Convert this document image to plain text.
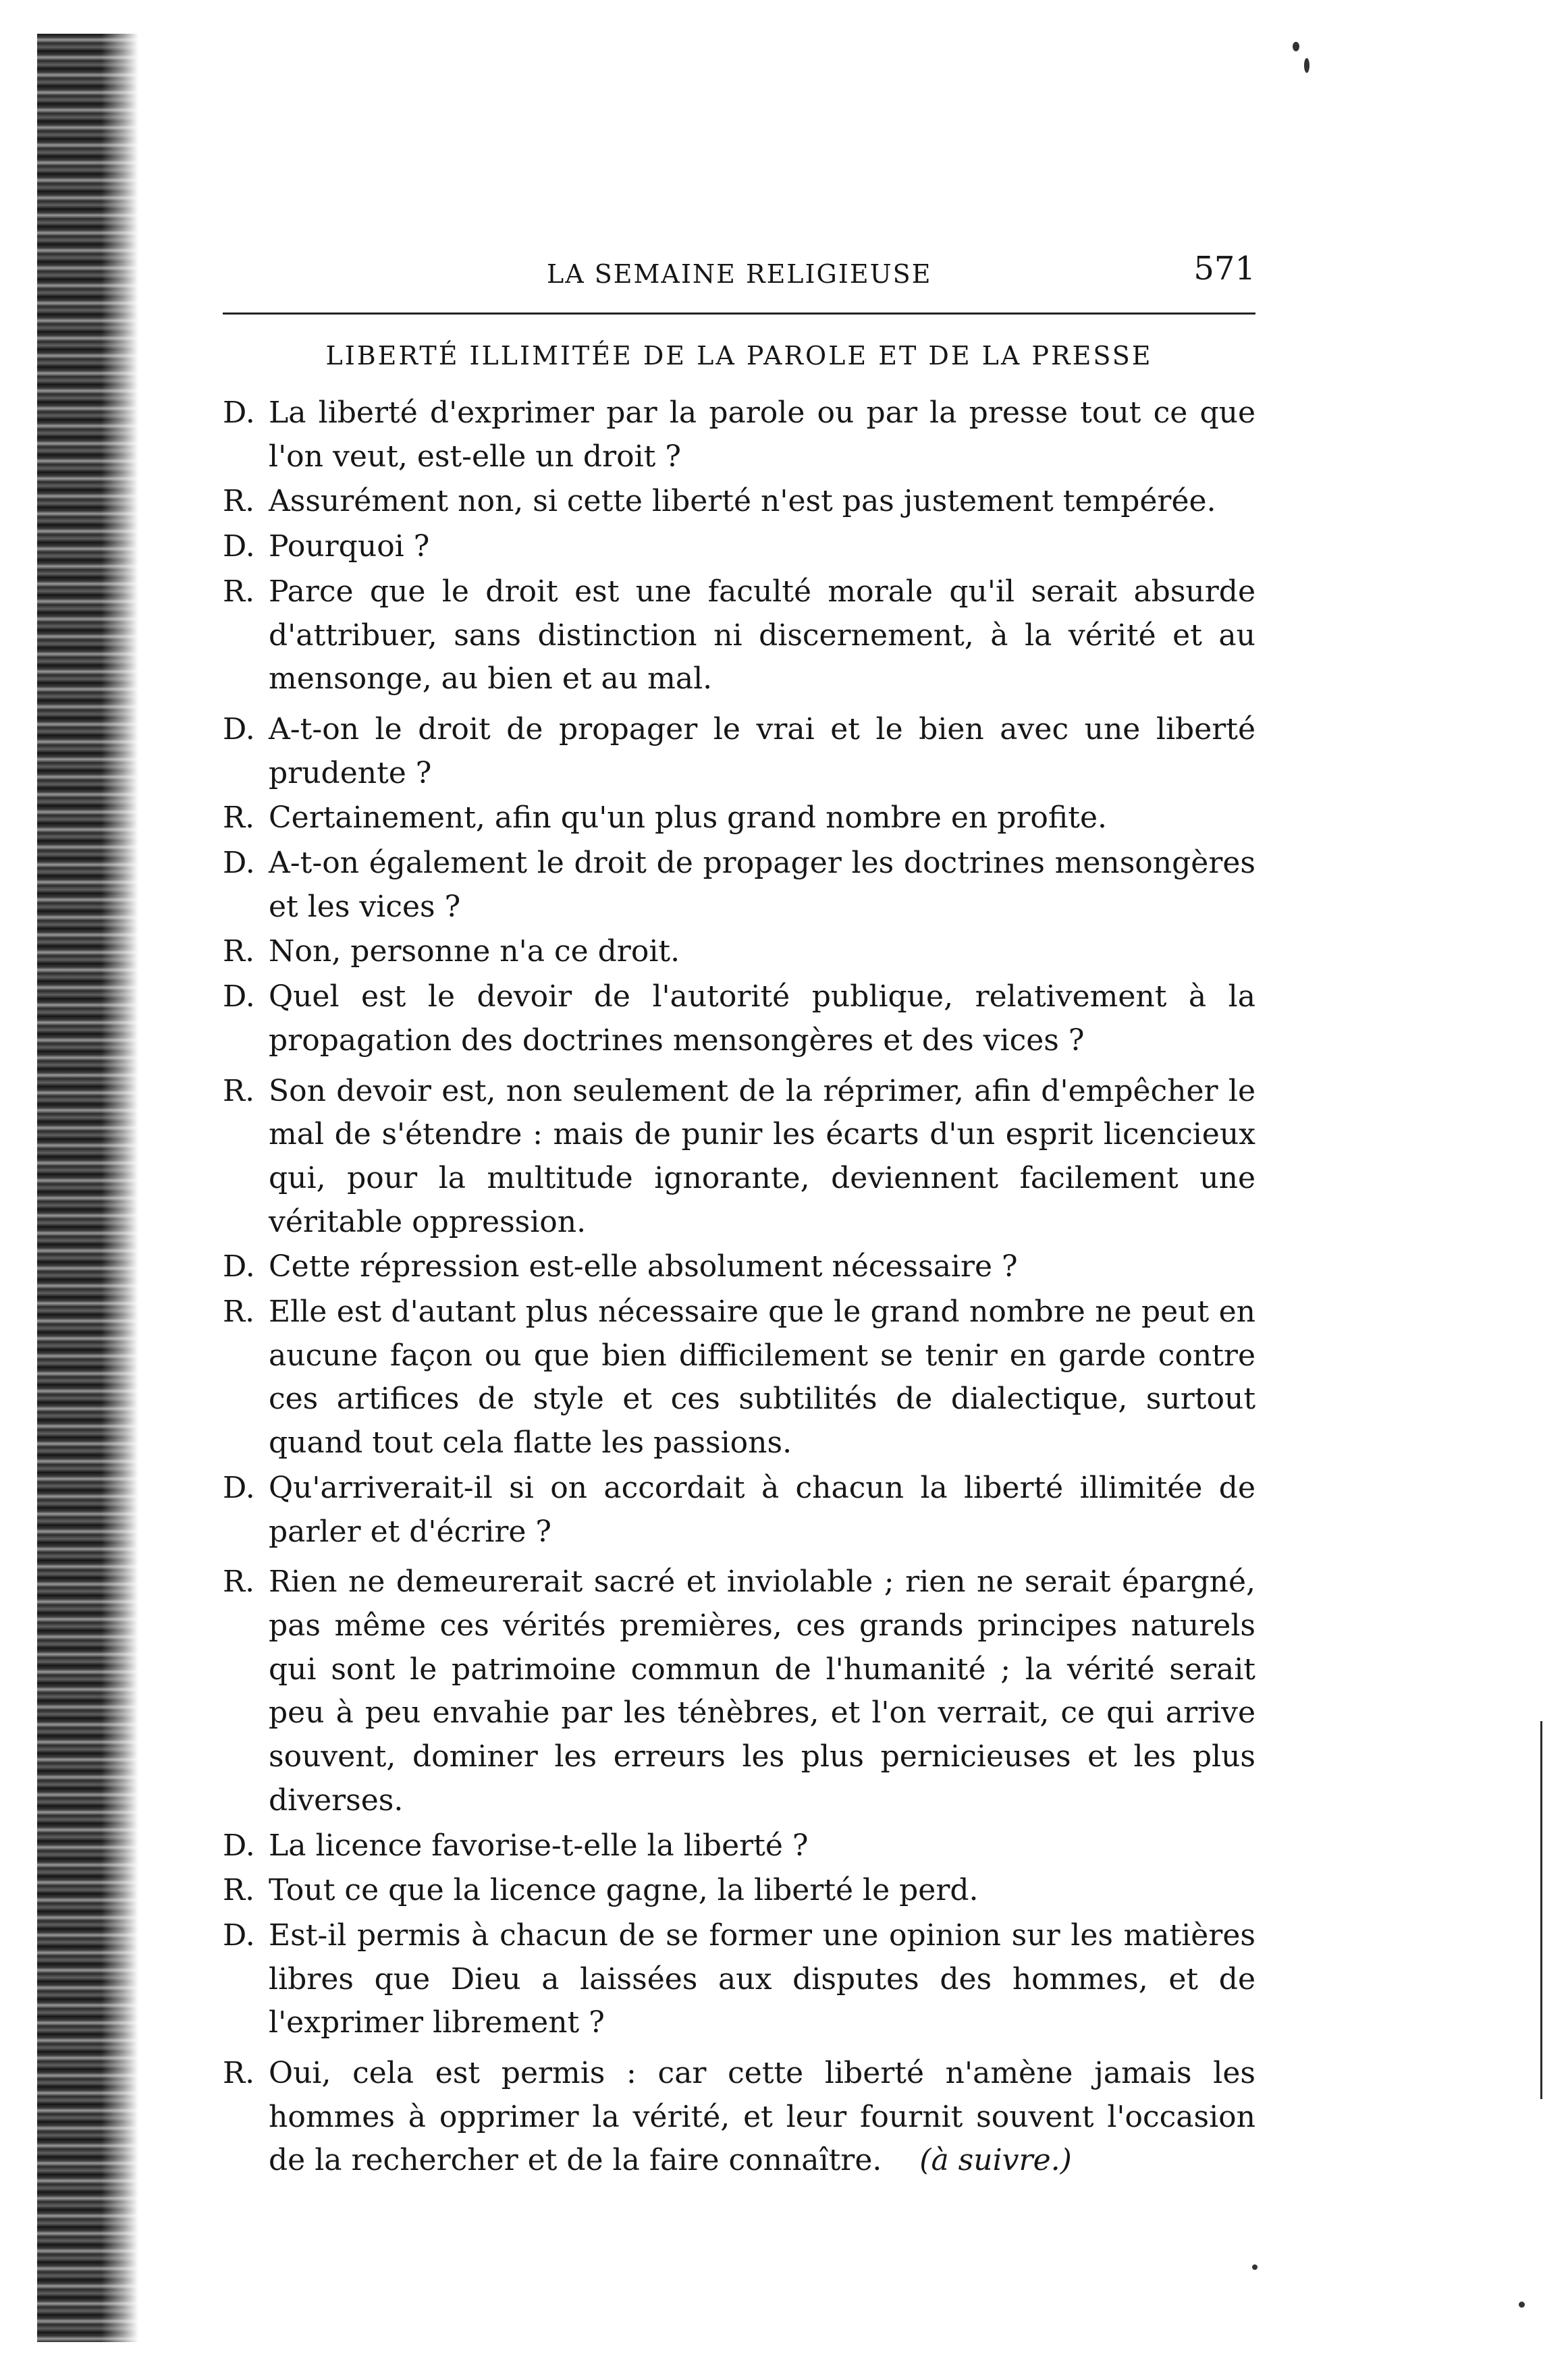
LA SEMAINE RELIGIEUSE	571
LIBERTÉ ILLIMITÉE DE LA PAROLE ET DE LA PRESSE
D. La liberté d'exprimer par la parole ou par la presse tout ce que l'on veut, est-elle un droit ?
R. Assurément non, si cette liberté n'est pas justement tempérée.
D. Pourquoi ?
R. Parce que le droit est une faculté morale qu'il serait absurde d'attribuer, sans distinction ni discernement, à la vérité et au mensonge, au bien et au mal.
D. A-t-on le droit de propager le vrai et le bien avec une liberté prudente ?
R. Certainement, afin qu'un plus grand nombre en profite.
D. A-t-on également le droit de propager les doctrines mensongères et les vices ?
R. Non, personne n'a ce droit.
D. Quel est le devoir de l'autorité publique, relativement à la propagation des doctrines mensongères et des vices ?
R. Son devoir est, non seulement de la réprimer, afin d'empêcher le mal de s'étendre : mais de punir les écarts d'un esprit licencieux qui, pour la multitude ignorante, deviennent facilement une véritable oppression.
D. Cette répression est-elle absolument nécessaire ?
R. Elle est d'autant plus nécessaire que le grand nombre ne peut en aucune façon ou que bien difficilement se tenir en garde contre ces artifices de style et ces subtilités de dialectique, surtout quand tout cela flatte les passions.
D. Qu'arriverait-il si on accordait à chacun la liberté illimitée de parler et d'écrire ?
R. Rien ne demeurerait sacré et inviolable ; rien ne serait épargné, pas même ces vérités premières, ces grands principes naturels qui sont le patrimoine commun de l'humanité ; la vérité serait peu à peu envahie par les ténèbres, et l'on verrait, ce qui arrive souvent, dominer les erreurs les plus pernicieuses et les plus diverses.
D. La licence favorise-t-elle la liberté ?
R. Tout ce que la licence gagne, la liberté le perd.
D. Est-il permis à chacun de se former une opinion sur les matières libres que Dieu a laissées aux disputes des hommes, et de l'exprimer librement ?
R. Oui, cela est permis : car cette liberté n'amène jamais les hommes à opprimer la vérité, et leur fournit souvent l'occasion de la rechercher et de la faire connaître. (à suivre.)
